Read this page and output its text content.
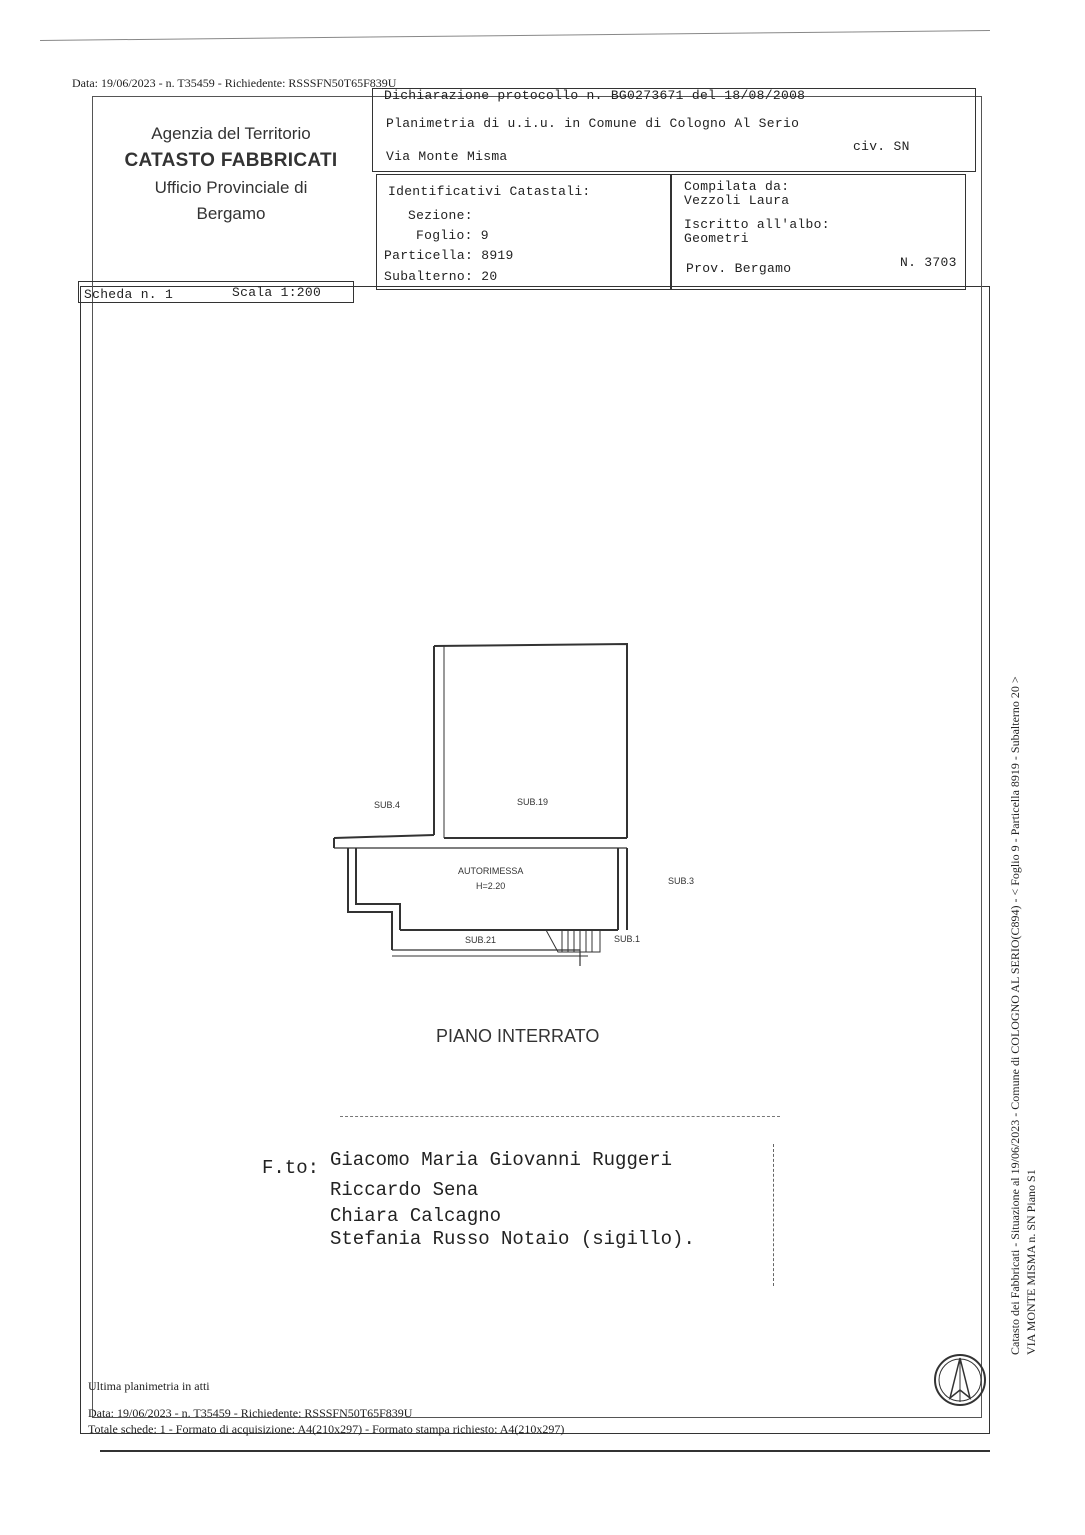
Data: 19/06/2023 - n. T35459 - Richiedente: RSSSFN50T65F839U
Agenzia del Territorio
CATASTO FABBRICATI
Ufficio Provinciale di
Bergamo
Dichiarazione protocollo n. BG0273671 del 18/08/2008
Planimetria di u.i.u. in Comune di Cologno Al Serio
Via Monte Misma
civ. SN
Identificativi Catastali:
Sezione:
Foglio: 9
Particella: 8919
Subalterno: 20
Compilata da:
Vezzoli Laura
Iscritto all'albo:
Geometri
Prov. Bergamo	N. 3703
Scheda n. 1	Scala 1:200
SUB.4	SUB.19
AUTORIMESSA
H=2.20	SUB.3
SUB.21	SUB.1
PIANO INTERRATO
F.to: Giacomo Maria Giovanni Ruggeri
Riccardo Sena
Chiara Calcagno
Stefania Russo Notaio (sigillo).
Ultima planimetria in atti
Data: 19/06/2023 - n. T35459 - Richiedente: RSSSFN50T65F839U
Totale schede: 1 - Formato di acquisizione: A4(210x297) - Formato stampa richiesto: A4(210x297)
Catasto dei Fabbricati - Situazione al 19/06/2023 - Comune di COLOGNO AL SERIO(C894) - < Foglio 9 - Particella 8919 - Subalterno 20 > VIA MONTE MISMA n. SN Piano S1
